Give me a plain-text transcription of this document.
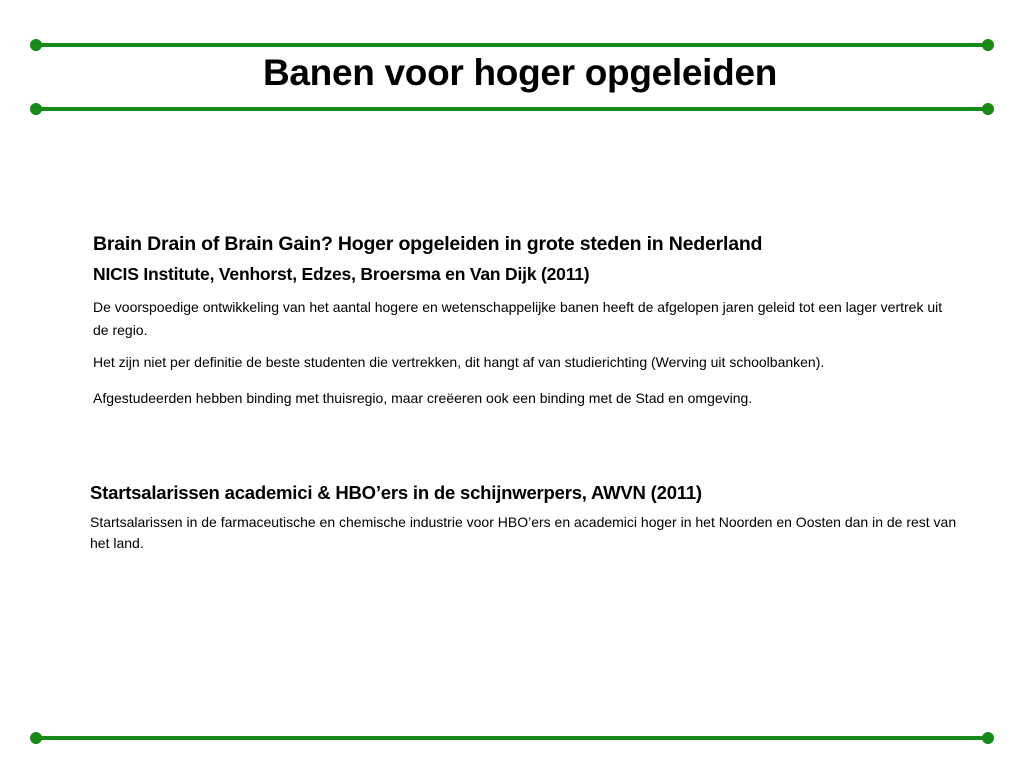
Banen voor hoger opgeleiden
Brain Drain of Brain Gain? Hoger opgeleiden in grote steden in Nederland
NICIS Institute, Venhorst, Edzes, Broersma en Van Dijk (2011)
De voorspoedige ontwikkeling van het aantal hogere en wetenschappelijke banen heeft de afgelopen jaren geleid tot een lager vertrek uit de regio.
Het zijn niet per definitie de beste studenten die vertrekken, dit hangt af van studierichting (Werving uit schoolbanken).
Afgestudeerden hebben binding met thuisregio, maar creëeren ook een binding met de Stad en omgeving.
Startsalarissen academici & HBO’ers in de schijnwerpers, AWVN (2011)
Startsalarissen in de farmaceutische en chemische industrie voor HBO’ers en academici hoger in het Noorden en Oosten dan in de rest van het land.
